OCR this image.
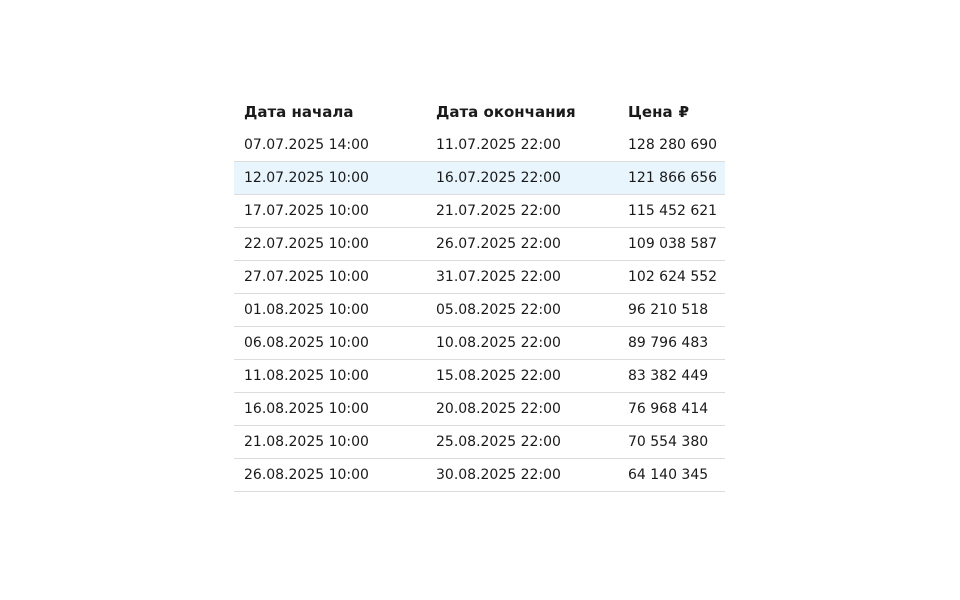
Дата начала	Дата окончания	Цена ₽
07.07.2025 14:00	11.07.2025 22:00	128 280 690
12.07.2025 10:00	16.07.2025 22:00	121 866 656
17.07.2025 10:00	21.07.2025 22:00	115 452 621
22.07.2025 10:00	26.07.2025 22:00	109 038 587
27.07.2025 10:00	31.07.2025 22:00	102 624 552
01.08.2025 10:00	05.08.2025 22:00	96 210 518
06.08.2025 10:00	10.08.2025 22:00	89 796 483
11.08.2025 10:00	15.08.2025 22:00	83 382 449
16.08.2025 10:00	20.08.2025 22:00	76 968 414
21.08.2025 10:00	25.08.2025 22:00	70 554 380
26.08.2025 10:00	30.08.2025 22:00	64 140 345
